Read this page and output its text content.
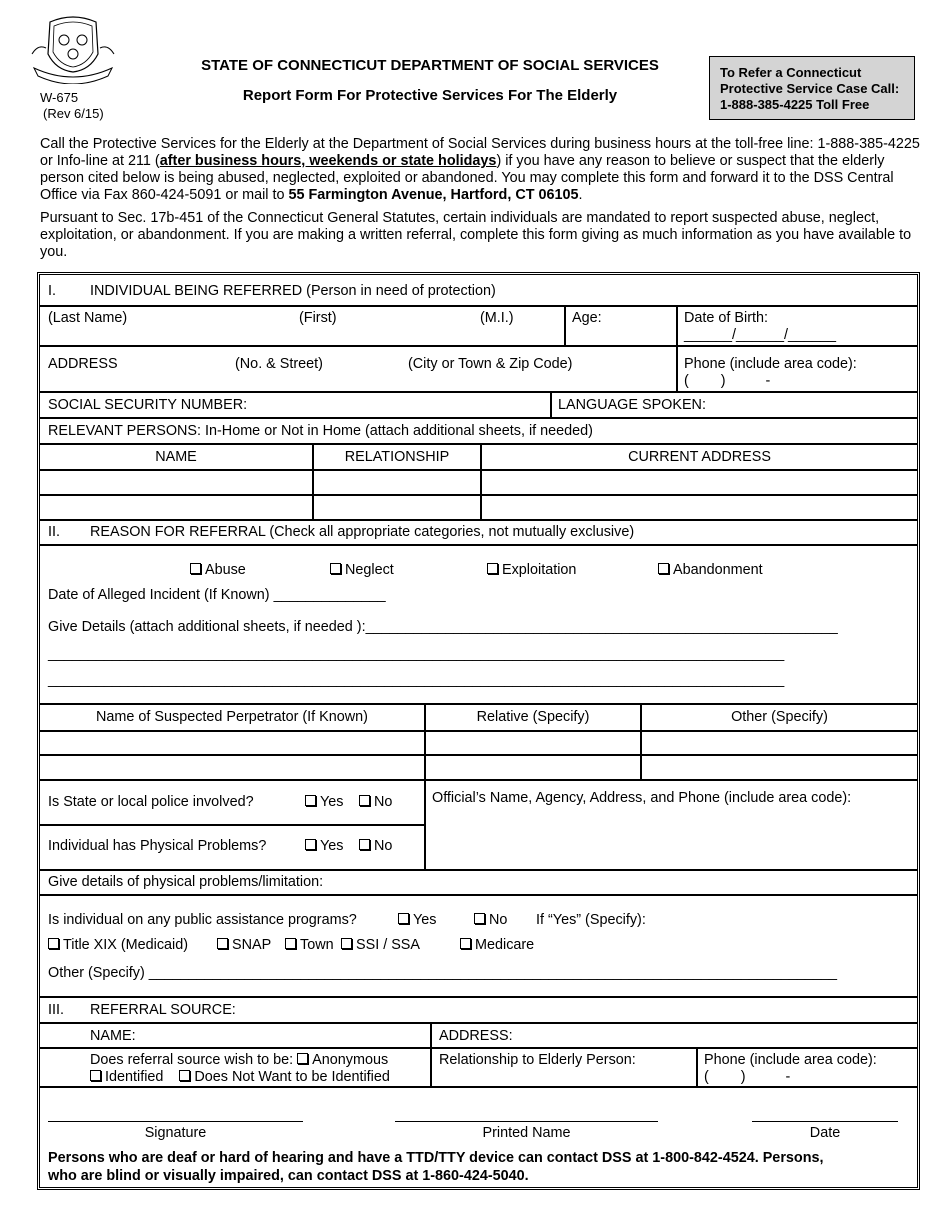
W-675
(Rev 6/15)
STATE OF CONNECTICUT DEPARTMENT OF SOCIAL SERVICES
Report Form For Protective Services For The Elderly
To Refer a Connecticut
Protective Service Case Call:
1-888-385-4225 Toll Free

Call the Protective Services for the Elderly at the Department of Social Services during business hours at the toll-free line: 1-888-385-4225 or Info-line at 211 (after business hours, weekends or state holidays) if you have any reason to believe or suspect that the elderly person cited below is being abused, neglected, exploited or abandoned. You may complete this form and forward it to the DSS Central Office via Fax 860-424-5091 or mail to 55 Farmington Avenue, Hartford, CT 06105.

Pursuant to Sec. 17b-451 of the Connecticut General Statutes, certain individuals are mandated to report suspected abuse, neglect, exploitation, or abandonment. If you are making a written referral, complete this form giving as much information as you have available to you.

I. INDIVIDUAL BEING REFERRED (Person in need of protection)
(Last Name)	(First)	(M.I.)	Age:	Date of Birth:
______/______/______
ADDRESS	(No. & Street)	(City or Town & Zip Code)	Phone (include area code):
(        )          -
SOCIAL SECURITY NUMBER:	LANGUAGE SPOKEN:
RELEVANT PERSONS: In-Home or Not in Home (attach additional sheets, if needed)
NAME	RELATIONSHIP	CURRENT ADDRESS
II. REASON FOR REFERRAL (Check all appropriate categories, not mutually exclusive)
Abuse	Neglect	Exploitation	Abandonment
Date of Alleged Incident (If Known) ______________
Give Details (attach additional sheets, if needed ):___________________________________________________________
____________________________________________________________________________________________
____________________________________________________________________________________________
Name of Suspected Perpetrator (If Known)	Relative (Specify)	Other (Specify)
Is State or local police involved?	Yes	No	Official’s Name, Agency, Address, and Phone (include area code):
Individual has Physical Problems?	Yes	No
Give details of physical problems/limitation:
Is individual on any public assistance programs?	Yes	No If “Yes” (Specify):
Title XIX (Medicaid)	SNAP	Town	SSI / SSA	Medicare
Other (Specify) ______________________________________________________________________________________
III. REFERRAL SOURCE:
NAME:	ADDRESS:
Does referral source wish to be: Anonymous
Identified Does Not Want to be Identified
Relationship to Elderly Person:	Phone (include area code):
(        )          -
Signature	Printed Name	Date
Persons who are deaf or hard of hearing and have a TTD/TTY device can contact DSS at 1-800-842-4524. Persons,
who are blind or visually impaired, can contact DSS at 1-860-424-5040.
